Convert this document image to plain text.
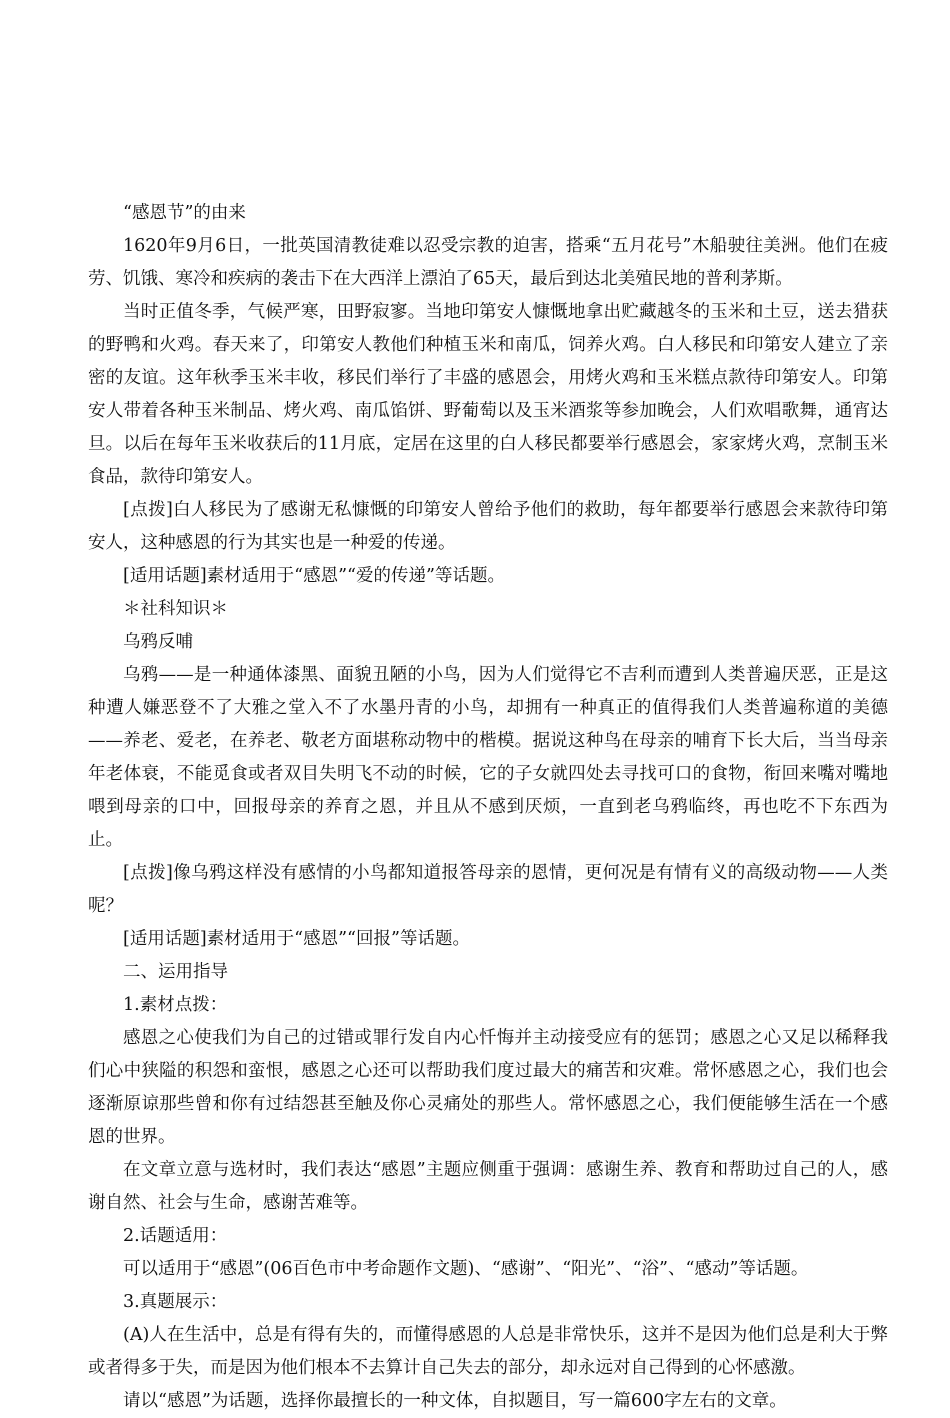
“感恩节”的由来

1620年9月6日，一批英国清教徒难以忍受宗教的迫害，搭乘“五月花号”木船驶往美洲。他们在疲劳、饥饿、寒冷和疾病的袭击下在大西洋上漂泊了65天，最后到达北美殖民地的普利茅斯。

当时正值冬季，气候严寒，田野寂寥。当地印第安人慷慨地拿出贮藏越冬的玉米和土豆，送去猎获的野鸭和火鸡。春天来了，印第安人教他们种植玉米和南瓜，饲养火鸡。白人移民和印第安人建立了亲密的友谊。这年秋季玉米丰收，移民们举行了丰盛的感恩会，用烤火鸡和玉米糕点款待印第安人。印第安人带着各种玉米制品、烤火鸡、南瓜馅饼、野葡萄以及玉米酒浆等参加晚会，人们欢唱歌舞，通宵达旦。以后在每年玉米收获后的11月底，定居在这里的白人移民都要举行感恩会，家家烤火鸡，烹制玉米食品，款待印第安人。

[点拨]白人移民为了感谢无私慷慨的印第安人曾给予他们的救助，每年都要举行感恩会来款待印第安人，这种感恩的行为其实也是一种爱的传递。

[适用话题]素材适用于“感恩”“爱的传递”等话题。

＊社科知识＊

乌鸦反哺

乌鸦——是一种通体漆黑、面貌丑陋的小鸟，因为人们觉得它不吉利而遭到人类普遍厌恶，正是这种遭人嫌恶登不了大雅之堂入不了水墨丹青的小鸟，却拥有一种真正的值得我们人类普遍称道的美德——养老、爱老，在养老、敬老方面堪称动物中的楷模。据说这种鸟在母亲的哺育下长大后，当当母亲年老体衰，不能觅食或者双目失明飞不动的时候，它的子女就四处去寻找可口的食物，衔回来嘴对嘴地喂到母亲的口中，回报母亲的养育之恩，并且从不感到厌烦，一直到老乌鸦临终，再也吃不下东西为止。

[点拨]像乌鸦这样没有感情的小鸟都知道报答母亲的恩情，更何况是有情有义的高级动物——人类呢？

[适用话题]素材适用于“感恩”“回报”等话题。

二、运用指导

1.素材点拨：

感恩之心使我们为自己的过错或罪行发自内心忏悔并主动接受应有的惩罚；感恩之心又足以稀释我们心中狭隘的积怨和蛮恨，感恩之心还可以帮助我们度过最大的痛苦和灾难。常怀感恩之心，我们也会逐渐原谅那些曾和你有过结怨甚至触及你心灵痛处的那些人。常怀感恩之心，我们便能够生活在一个感恩的世界。

在文章立意与选材时，我们表达“感恩”主题应侧重于强调：感谢生养、教育和帮助过自己的人，感谢自然、社会与生命，感谢苦难等。

2.话题适用：

可以适用于“感恩”(06百色市中考命题作文题)、“感谢”、“阳光”、“浴”、“感动”等话题。

3.真题展示：

(A)人在生活中，总是有得有失的，而懂得感恩的人总是非常快乐，这并不是因为他们总是利大于弊或者得多于失，而是因为他们根本不去算计自己失去的部分，却永远对自己得到的心怀感激。

请以“感恩”为话题，选择你最擅长的一种文体，自拟题目，写一篇600字左右的文章。
